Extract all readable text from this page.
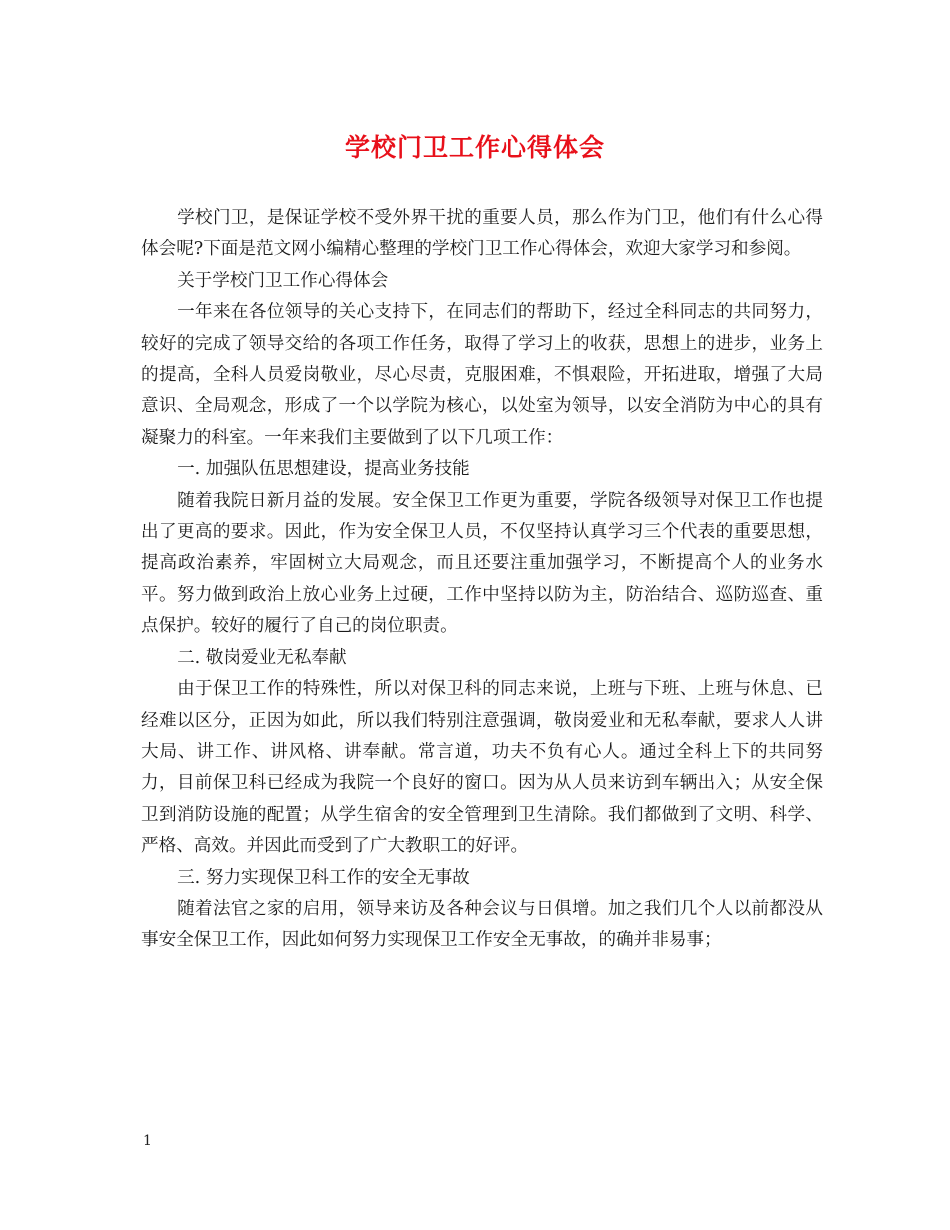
学校门卫工作心得体会

学校门卫，是保证学校不受外界干扰的重要人员，那么作为门卫，他们有什么心得体会呢?下面是范文网小编精心整理的学校门卫工作心得体会，欢迎大家学习和参阅。

关于学校门卫工作心得体会

一年来在各位领导的关心支持下，在同志们的帮助下，经过全科同志的共同努力，较好的完成了领导交给的各项工作任务，取得了学习上的收获，思想上的进步，业务上的提高，全科人员爱岗敬业，尽心尽责，克服困难，不惧艰险，开拓进取，增强了大局意识、全局观念，形成了一个以学院为核心，以处室为领导，以安全消防为中心的具有凝聚力的科室。一年来我们主要做到了以下几项工作：

一. 加强队伍思想建设，提高业务技能

随着我院日新月益的发展。安全保卫工作更为重要，学院各级领导对保卫工作也提出了更高的要求。因此，作为安全保卫人员，不仅坚持认真学习三个代表的重要思想，提高政治素养，牢固树立大局观念，而且还要注重加强学习，不断提高个人的业务水平。努力做到政治上放心业务上过硬，工作中坚持以防为主，防治结合、巡防巡查、重点保护。较好的履行了自己的岗位职责。

二. 敬岗爱业无私奉献

由于保卫工作的特殊性，所以对保卫科的同志来说，上班与下班、上班与休息、已经难以区分，正因为如此，所以我们特别注意强调，敬岗爱业和无私奉献，要求人人讲大局、讲工作、讲风格、讲奉献。常言道，功夫不负有心人。通过全科上下的共同努力，目前保卫科已经成为我院一个良好的窗口。因为从人员来访到车辆出入；从安全保卫到消防设施的配置；从学生宿舍的安全管理到卫生清除。我们都做到了文明、科学、严格、高效。并因此而受到了广大教职工的好评。

三. 努力实现保卫科工作的安全无事故

随着法官之家的启用，领导来访及各种会议与日俱增。加之我们几个人以前都没从事安全保卫工作，因此如何努力实现保卫工作安全无事故，的确并非易事；

1
